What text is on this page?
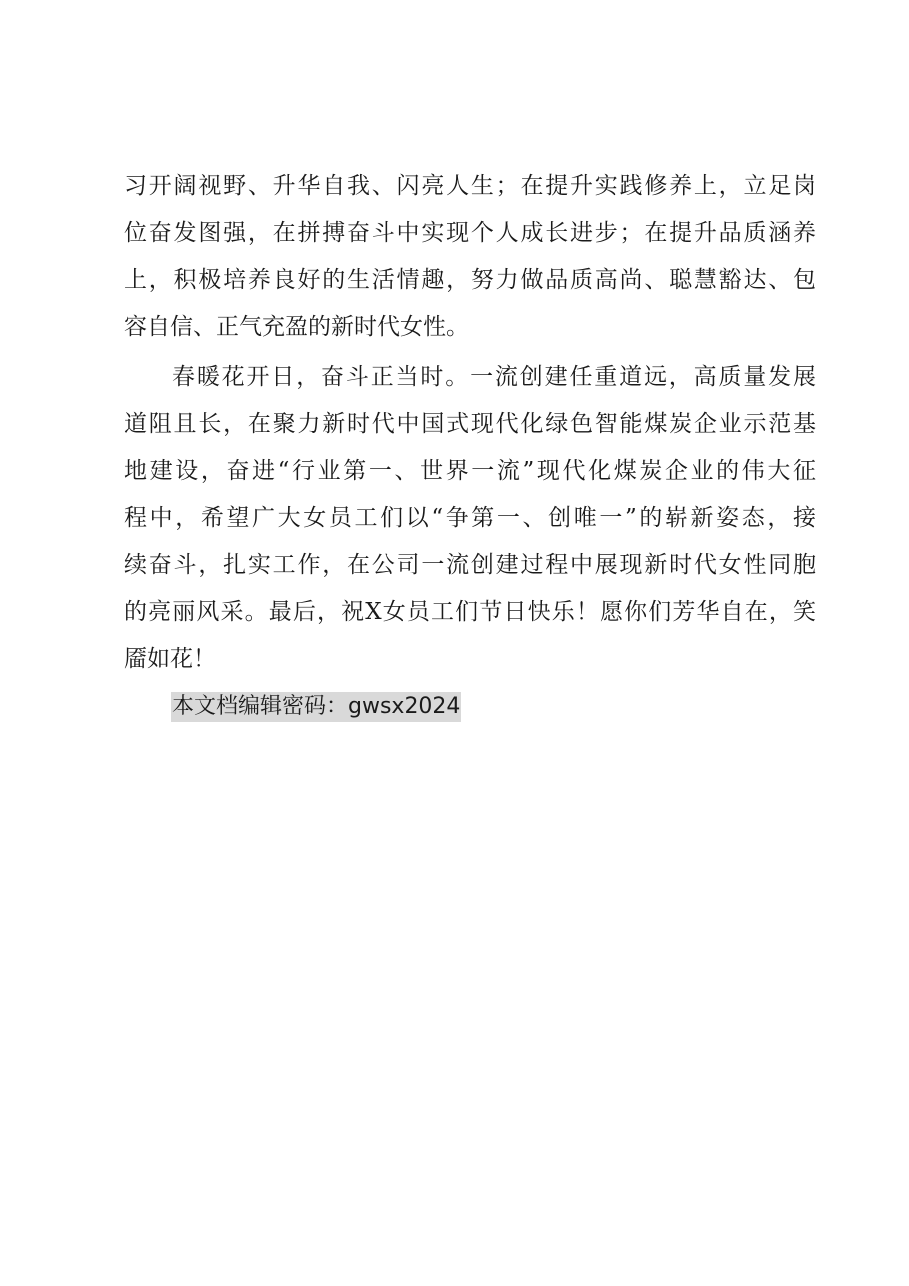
习开阔视野、升华自我、闪亮人生；在提升实践修养上，立足岗
位奋发图强，在拼搏奋斗中实现个人成长进步；在提升品质涵养
上，积极培养良好的生活情趣，努力做品质高尚、聪慧豁达、包
容自信、正气充盈的新时代女性。
春暖花开日，奋斗正当时。一流创建任重道远，高质量发展
道阻且长，在聚力新时代中国式现代化绿色智能煤炭企业示范基
地建设，奋进“行业第一、世界一流”现代化煤炭企业的伟大征
程中，希望广大女员工们以“争第一、创唯一”的崭新姿态，接
续奋斗，扎实工作，在公司一流创建过程中展现新时代女性同胞
的亮丽风采。最后，祝X女员工们节日快乐！愿你们芳华自在，笑
靥如花！
本文档编辑密码：gwsx2024
